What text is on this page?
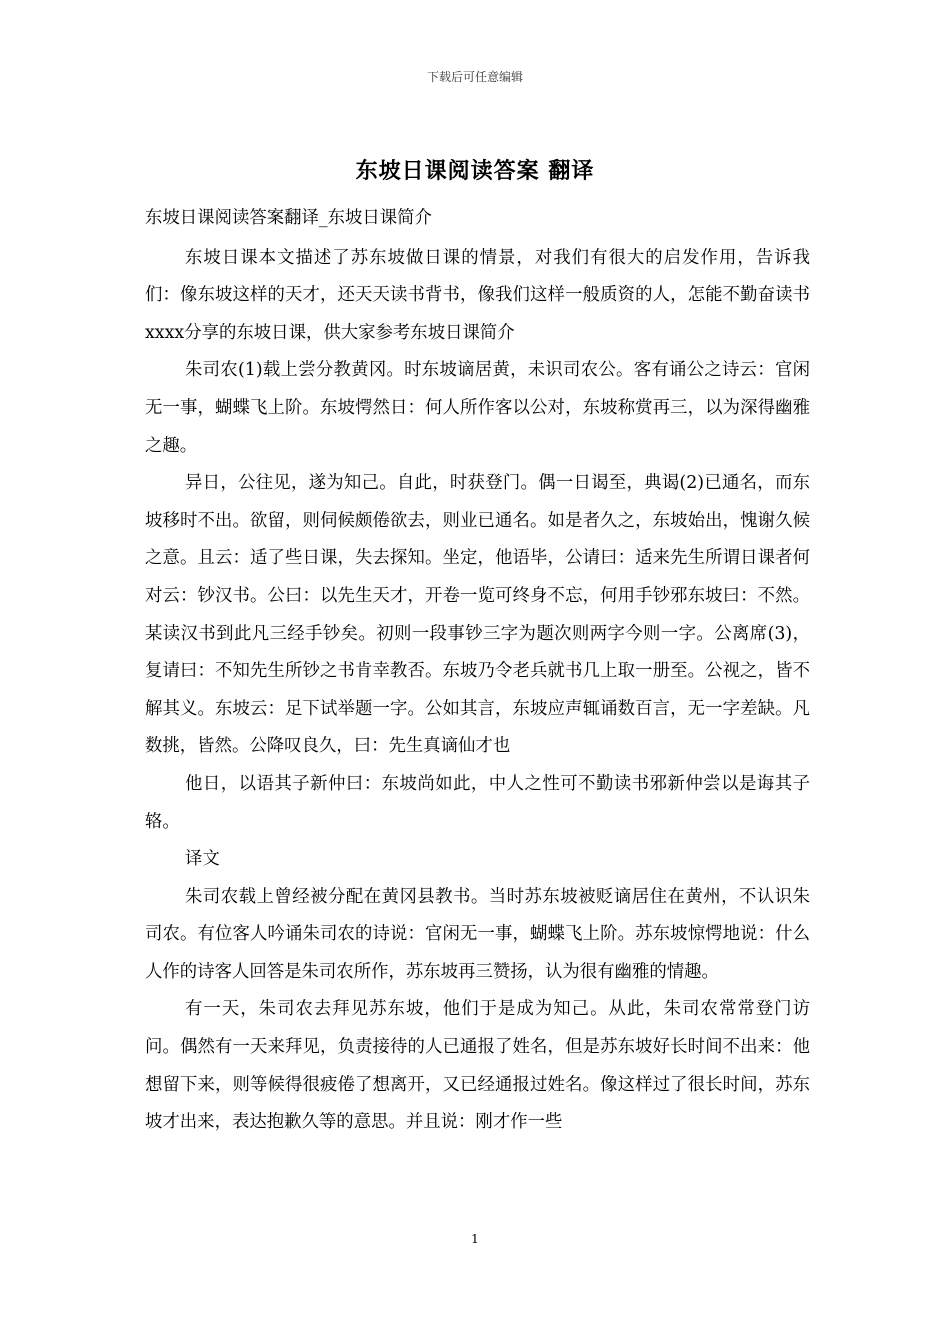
下载后可任意编辑
东坡日课阅读答案 翻译

东坡日课阅读答案翻译_东坡日课简介

东坡日课本文描述了苏东坡做日课的情景，对我们有很大的启发作用，告诉我们：像东坡这样的天才，还天天读书背书，像我们这样一般质资的人，怎能不勤奋读书xxxx分享的东坡日课，供大家参考东坡日课简介

朱司农(1)载上尝分教黄冈。时东坡谪居黄，未识司农公。客有诵公之诗云：官闲无一事，蝴蝶飞上阶。东坡愕然日：何人所作客以公对，东坡称赏再三，以为深得幽雅之趣。

异日，公往见，遂为知己。自此，时获登门。偶一日谒至，典谒(2)已通名，而东坡移时不出。欲留，则伺候颇倦欲去，则业已通名。如是者久之，东坡始出，愧谢久候之意。且云：适了些日课，失去探知。坐定，他语毕，公请曰：适来先生所谓日课者何对云：钞汉书。公曰：以先生天才，开卷一览可终身不忘，何用手钞邪东坡曰：不然。某读汉书到此凡三经手钞矣。初则一段事钞三字为题次则两字今则一字。公离席(3)，复请曰：不知先生所钞之书肯幸教否。东坡乃令老兵就书几上取一册至。公视之，皆不解其义。东坡云：足下试举题一字。公如其言，东坡应声辄诵数百言，无一字差缺。凡数挑，皆然。公降叹良久，曰：先生真谪仙才也

他日，以语其子新仲曰：东坡尚如此，中人之性可不勤读书邪新仲尝以是诲其子辂。

译文

朱司农载上曾经被分配在黄冈县教书。当时苏东坡被贬谪居住在黄州，不认识朱司农。有位客人吟诵朱司农的诗说：官闲无一事，蝴蝶飞上阶。苏东坡惊愕地说：什么人作的诗客人回答是朱司农所作，苏东坡再三赞扬，认为很有幽雅的情趣。

有一天，朱司农去拜见苏东坡，他们于是成为知己。从此，朱司农常常登门访问。偶然有一天来拜见，负责接待的人已通报了姓名，但是苏东坡好长时间不出来：他想留下来，则等候得很疲倦了想离开，又已经通报过姓名。像这样过了很长时间，苏东坡才出来，表达抱歉久等的意思。并且说：刚才作一些

1
